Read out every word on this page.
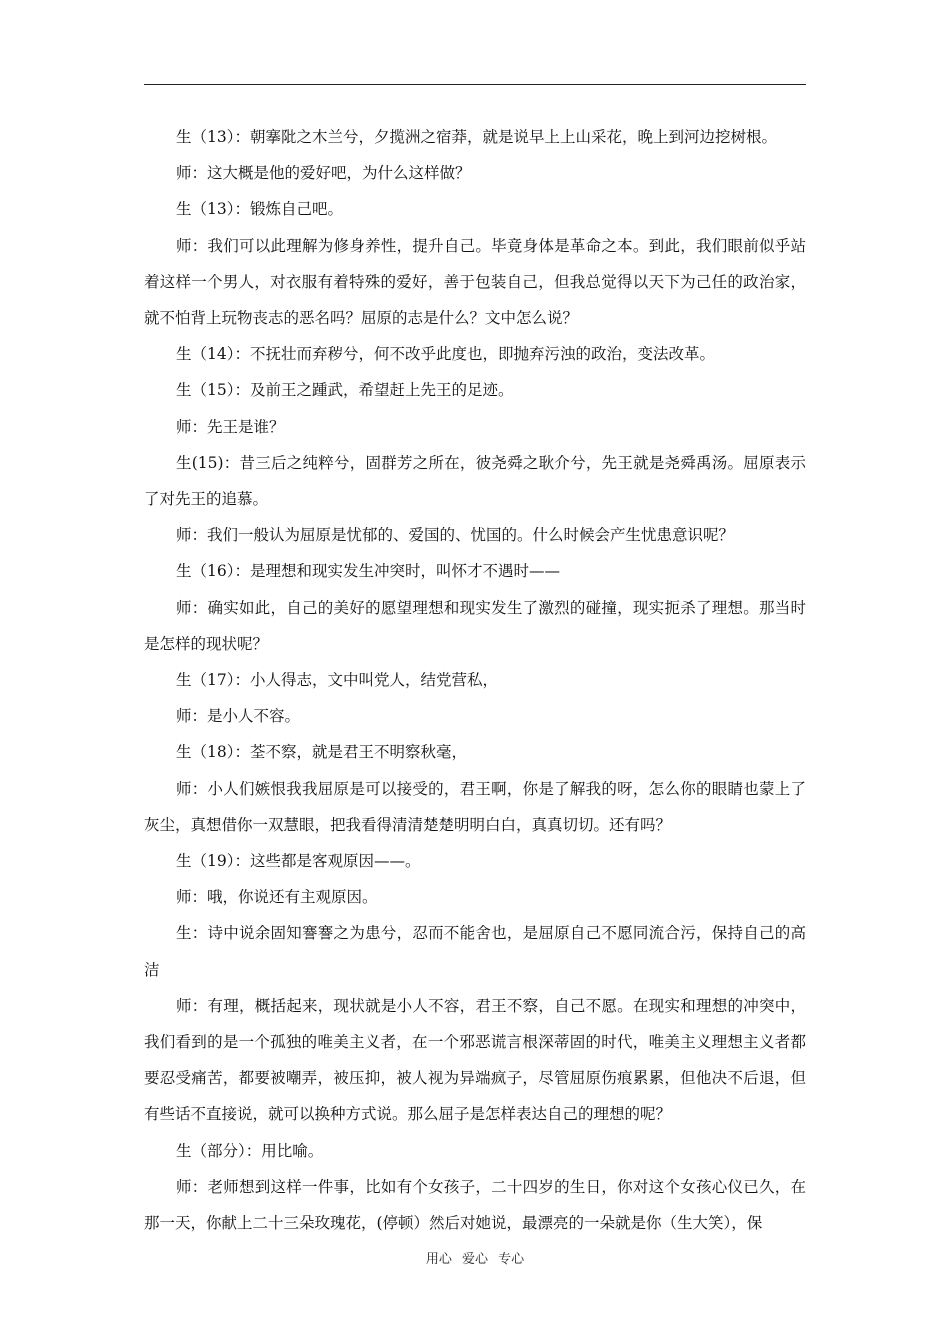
生（13）：朝搴阰之木兰兮，夕揽洲之宿莽，就是说早上上山采花，晚上到河边挖树根。

师：这大概是他的爱好吧，为什么这样做？

生（13）：锻炼自己吧。

师：我们可以此理解为修身养性，提升自己。毕竟身体是革命之本。到此，我们眼前似乎站着这样一个男人，对衣服有着特殊的爱好，善于包装自己，但我总觉得以天下为己任的政治家，就不怕背上玩物丧志的恶名吗？屈原的志是什么？文中怎么说？

生（14）：不抚壮而弃秽兮，何不改乎此度也，即抛弃污浊的政治，变法改革。

生（15）：及前王之踵武，希望赶上先王的足迹。

师：先王是谁？

生(15)：昔三后之纯粹兮，固群芳之所在，彼尧舜之耿介兮，先王就是尧舜禹汤。屈原表示了对先王的追慕。

师：我们一般认为屈原是忧郁的、爱国的、忧国的。什么时候会产生忧患意识呢？

生（16）：是理想和现实发生冲突时，叫怀才不遇时——

师：确实如此，自己的美好的愿望理想和现实发生了激烈的碰撞，现实扼杀了理想。那当时是怎样的现状呢？

生（17）：小人得志，文中叫党人，结党营私，

师：是小人不容。

生（18）：荃不察，就是君王不明察秋毫，

师：小人们嫉恨我我屈原是可以接受的，君王啊，你是了解我的呀，怎么你的眼睛也蒙上了灰尘，真想借你一双慧眼，把我看得清清楚楚明明白白，真真切切。还有吗？

生（19）：这些都是客观原因——。

师：哦，你说还有主观原因。

生：诗中说余固知謇謇之为患兮，忍而不能舍也，是屈原自己不愿同流合污，保持自己的高洁

师：有理，概括起来，现状就是小人不容，君王不察，自己不愿。在现实和理想的冲突中，我们看到的是一个孤独的唯美主义者，在一个邪恶谎言根深蒂固的时代，唯美主义理想主义者都要忍受痛苦，都要被嘲弄，被压抑，被人视为异端疯子，尽管屈原伤痕累累，但他决不后退，但有些话不直接说，就可以换种方式说。那么屈子是怎样表达自己的理想的呢？

生（部分）：用比喻。

师：老师想到这样一件事，比如有个女孩子，二十四岁的生日，你对这个女孩心仪已久，在那一天，你献上二十三朵玫瑰花，(停顿）然后对她说，最漂亮的一朵就是你（生大笑），保

用心 爱心 专心
